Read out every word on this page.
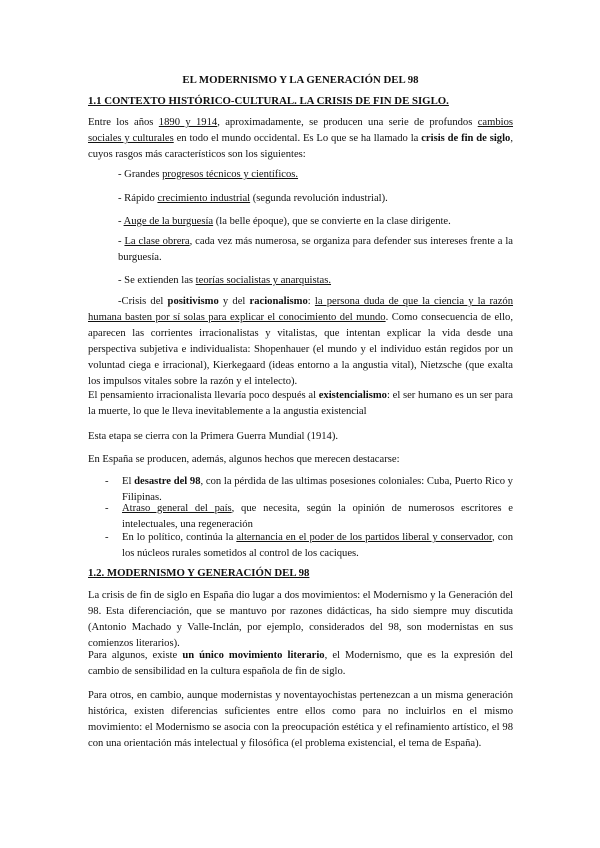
EL MODERNISMO Y LA GENERACIÓN DEL 98

1.1 CONTEXTO HISTÓRICO-CULTURAL. LA CRISIS DE FIN DE SIGLO.

Entre los años 1890 y 1914, aproximadamente, se producen una serie de profundos cambios sociales y culturales en todo el mundo occidental. Es Lo que se ha llamado la crisis de fin de siglo, cuyos rasgos más característicos son los siguientes:

- Grandes progresos técnicos y científicos.

- Rápido crecimiento industrial (segunda revolución industrial).

- Auge de la burguesía (la belle époque), que se convierte en la clase dirigente.

- La clase obrera, cada vez más numerosa, se organiza para defender sus intereses frente a la burguesía.

- Se extienden las teorías socialistas y anarquistas.

-Crisis del positivismo y del racionalismo: la persona duda de que la ciencia y la razón humana basten por sí solas para explicar el conocimiento del mundo. Como consecuencia de ello, aparecen las corrientes irracionalistas y vitalistas, que intentan explicar la vida desde una perspectiva subjetiva e individualista: Shopenhauer (el mundo y el individuo están regidos por un voluntad ciega e irracional), Kierkegaard (ideas entorno a la angustia vital), Nietzsche (que exalta los impulsos vitales sobre la razón y el intelecto).

El pensamiento irracionalista llevaría poco después al existencialismo: el ser humano es un ser para la muerte, lo que le lleva inevitablemente a la angustia existencial

Esta etapa se cierra con la Primera Guerra Mundial (1914).

En España se producen, además, algunos hechos que merecen destacarse:

- El desastre del 98, con la pérdida de las ultimas posesiones coloniales: Cuba, Puerto Rico y Filipinas.

- Atraso general del país, que necesita, según la opinión de numerosos escritores e intelectuales, una regeneración

- En lo político, continúa la alternancia en el poder de los partidos liberal y conservador, con los núcleos rurales sometidos al control de los caciques.

1.2. MODERNISMO Y GENERACIÓN DEL 98

La crisis de fin de siglo en España dio lugar a dos movimientos: el Modernismo y la Generación del 98. Esta diferenciación, que se mantuvo por razones didácticas, ha sido siempre muy discutida (Antonio Machado y Valle-Inclán, por ejemplo, considerados del 98, son modernistas en sus comienzos literarios).

Para algunos, existe un único movimiento literario, el Modernismo, que es la expresión del cambio de sensibilidad en la cultura española de fin de siglo.

Para otros, en cambio, aunque modernistas y noventayochistas pertenezcan a un misma generación histórica, existen diferencias suficientes entre ellos como para no incluirlos en el mismo movimiento: el Modernismo se asocia con la preocupación estética y el refinamiento artístico, el 98 con una orientación más intelectual y filosófica (el problema existencial, el tema de España).
